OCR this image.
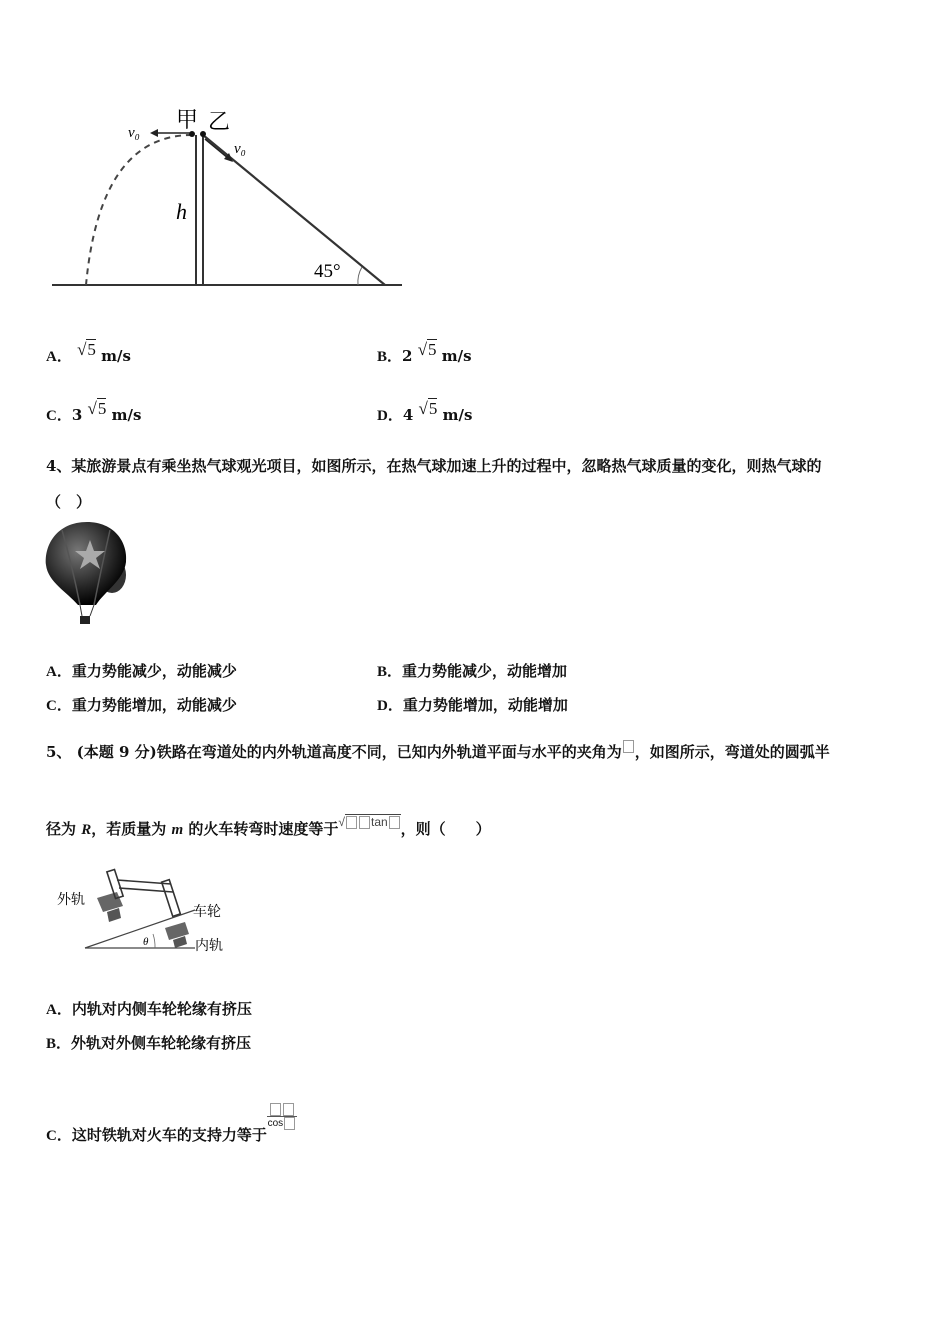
甲 乙
v₀
v₀
h
45°
A． √5 m/s	B．2 √5 m/s
C．3 √5 m/s	D．4 √5 m/s
4、某旅游景点有乘坐热气球观光项目，如图所示，在热气球加速上升的过程中，忽略热气球质量的变化，则热气球的
（　）
A．重力势能减少，动能减少	B．重力势能减少，动能增加
C．重力势能增加，动能减少	D．重力势能增加，动能增加
5、 (本题 9 分)铁路在弯道处的内外轨道高度不同，已知内外轨道平面与水平的夹角为 ，如图所示，弯道处的圆弧半
径为 R，若质量为 m 的火车转弯时速度等于$^{√ tan}$ ，则（　　）
外轨
车轮
内轨
θ
A．内轨对内侧车轮轮缘有挤压
B．外轨对外侧车轮轮缘有挤压
C．这时铁轨对火车的支持力等于
cos
